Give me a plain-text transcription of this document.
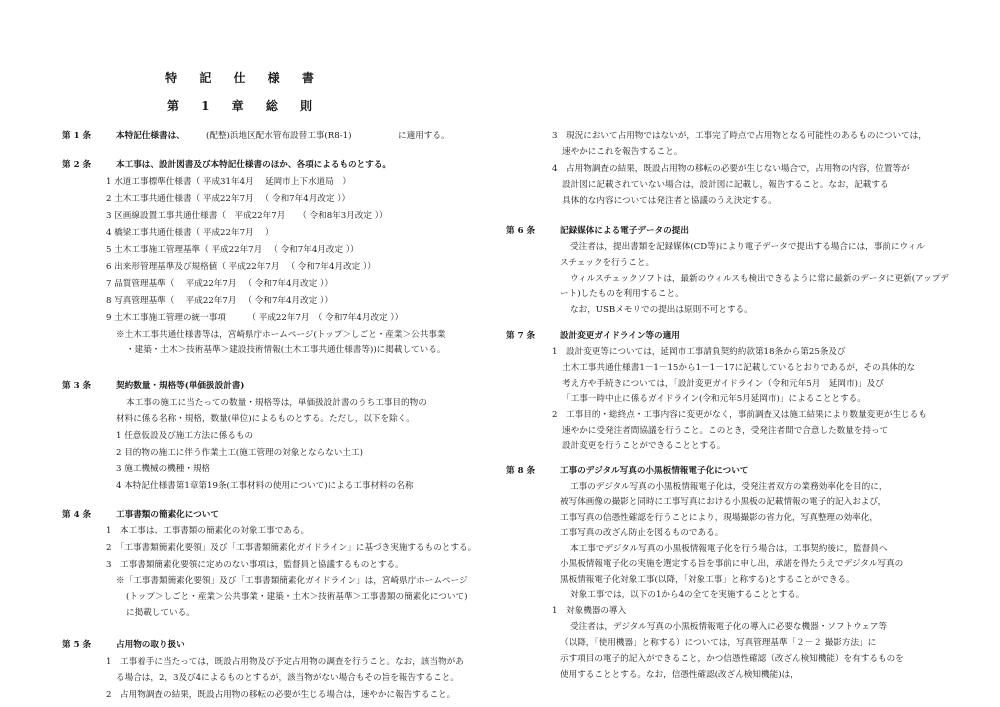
特 記 仕 様 書
第 1 章 総 則
第 1 条	本特記仕様書は、 (配整)浜地区配水管布設替工事(R8-1)	に適用する。
第 2 条	本工事は、設計図書及び本特記仕様書のほか、各項によるものとする。
1 水道工事標準仕様書（ 平成31年4月　 延岡市上下水道局　）
2 土木工事共通仕様書（ 平成22年7月 　（ 令和7年4月改定 ））
3 区画線設置工事共通仕様書（　平成22年7月　　（ 令和8年3月改定 ））
4 橋梁工事共通仕様書（ 平成22年7月　 ）
5 土木工事施工管理基準（ 平成22年7月 　（ 令和7年4月改定 ））
6 出来形管理基準及び規格値（ 平成22年7月 　（ 令和7年4月改定 ））
7 品質管理基準（　 平成22年7月 　（ 令和7年4月改定 ））
8 写真管理基準（　 平成22年7月 　（ 令和7年4月改定 ））
9 土木工事施工管理の統一事項　　　（ 平成22年7月　（ 令和7年4月改定 ））
※土木工事共通仕様書等は，宮崎県庁ホームページ(トップ＞しごと・産業＞公共事業
・建築・土木＞技術基準＞建設技術情報(土木工事共通仕様書等))に掲載している。
第 3 条	契約数量・規格等(単価扱設計書)
本工事の施工に当たっての数量・規格等は，単価扱設計書のうち工事目的物の
材料に係る名称・規格，数量(単位)によるものとする。ただし，以下を除く。
1 任意仮設及び施工方法に係るもの
2 目的物の施工に伴う作業土工(施工管理の対象とならない土工)
3 施工機械の機種・規格
4 本特記仕様書第1章第19条(工事材料の使用について)による工事材料の名称
第 4 条	工事書類の簡素化について
1　本工事は、工事書類の簡素化の対象工事である。
2　「工事書類簡素化要領」及び「工事書類簡素化ガイドライン」に基づき実施するものとする。
3　工事書類簡素化要領に定めのない事項は，監督員と協議するものとする。
※「工事書類簡素化要領」及び「工事書類簡素化ガイドライン」は，宮崎県庁ホームページ
(トップ＞しごと・産業＞公共事業・建築・土木＞技術基準＞工事書類の簡素化について)
に掲載している。
第 5 条	占用物の取り扱い
1　工事着手に当たっては，既設占用物及び予定占用物の調査を行うこと。なお，該当物があ
る場合は，2，3及び4によるものとするが，該当物がない場合もその旨を報告すること。
2　占用物調査の結果，既設占用物の移転の必要が生じる場合は，速やかに報告すること。
3　現況において占用物ではないが，工事完了時点で占用物となる可能性のあるものについては，
速やかにこれを報告すること。
4　占用物調査の結果，既設占用物の移転の必要が生じない場合で，占用物の内容，位置等が
設計図に記載されていない場合は，設計図に記載し，報告すること。なお，記載する
具体的な内容については発注者と協議のうえ決定する。
第 6 条	記録媒体による電子データの提出
受注者は，提出書類を記録媒体(CD等)により電子データで提出する場合には，事前にウィル
スチェックを行うこと。
ウィルスチェックソフトは，最新のウィルスも検出できるように常に最新のデータに更新(アップデ
ート)したものを利用すること。
なお，USBメモリでの提出は原則不可とする。
第 7 条	設計変更ガイドライン等の適用
1　設計変更等については，延岡市工事請負契約約款第18条から第25条及び
土木工事共通仕様書1－1－15から1－1－17に記載しているとおりであるが，その具体的な
考え方や手続きについては，「設計変更ガイドライン（令和元年5月　延岡市)」及び
「工事一時中止に係るガイドライン(令和元年5月延岡市)」によることとする。
2　工事目的・総終点・工事内容に変更がなく，事前調査又は施工結果により数量変更が生じるも
速やかに受発注者間協議を行うこと。このとき，受発注者間で合意した数量を持って
設計変更を行うことができることとする。
第 8 条	工事のデジタル写真の小黒板情報電子化について
工事のデジタル写真の小黒板情報電子化は，受発注者双方の業務効率化を目的に，
被写体画像の撮影と同時に工事写真における小黒板の記載情報の電子的記入および，
工事写真の信憑性確認を行うことにより，現場撮影の省力化，写真整理の効率化，
工事写真の改ざん防止を図るものである。
本工事でデジタル写真の小黒板情報電子化を行う場合は，工事契約後に，監督員へ
小黒板情報電子化の実施を選定する旨を事前に申し出，承諾を得たうえでデジタル写真の
黒板情報電子化対象工事(以降，「対象工事」と称する)とすることができる。
対象工事では，以下の1から4の全てを実施することとする。
1　対象機器の導入
受注者は，デジタル写真の小黒板情報電子化の導入に必要な機器・ソフトウェア等
（以降，「使用機器」と称する）については，写真管理基準「２－２ 撮影方法」に
示す項目の電子的記入ができること，かつ信憑性確認（改ざん検知機能）を有するものを
使用することとする。なお，信憑性確認(改ざん検知機能)は，
